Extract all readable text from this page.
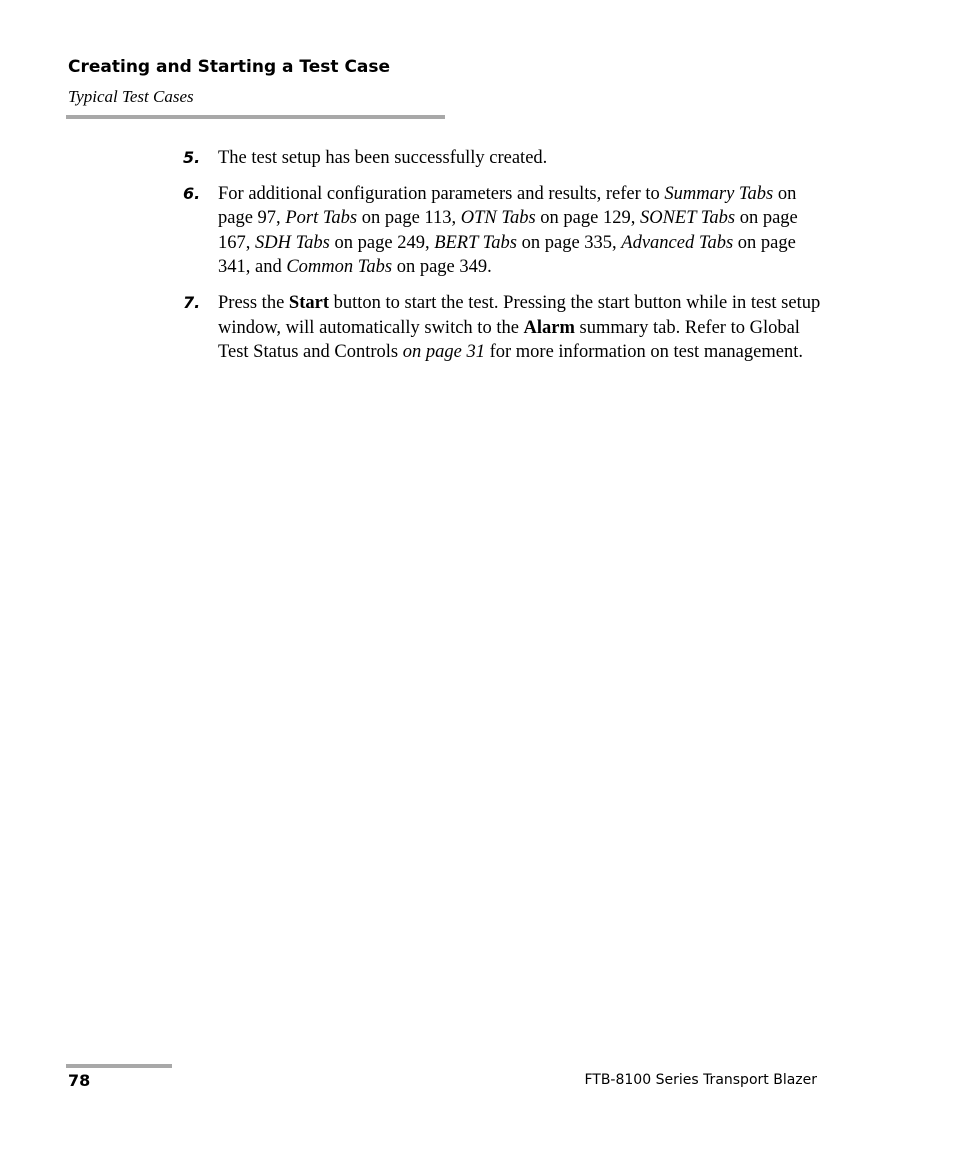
Creating and Starting a Test Case
Typical Test Cases
5. The test setup has been successfully created.
6. For additional configuration parameters and results, refer to Summary Tabs on page 97, Port Tabs on page 113, OTN Tabs on page 129, SONET Tabs on page 167, SDH Tabs on page 249, BERT Tabs on page 335, Advanced Tabs on page 341, and Common Tabs on page 349.
7. Press the Start button to start the test. Pressing the start button while in test setup window, will automatically switch to the Alarm summary tab. Refer to Global Test Status and Controls on page 31 for more information on test management.
78	FTB-8100 Series Transport Blazer
